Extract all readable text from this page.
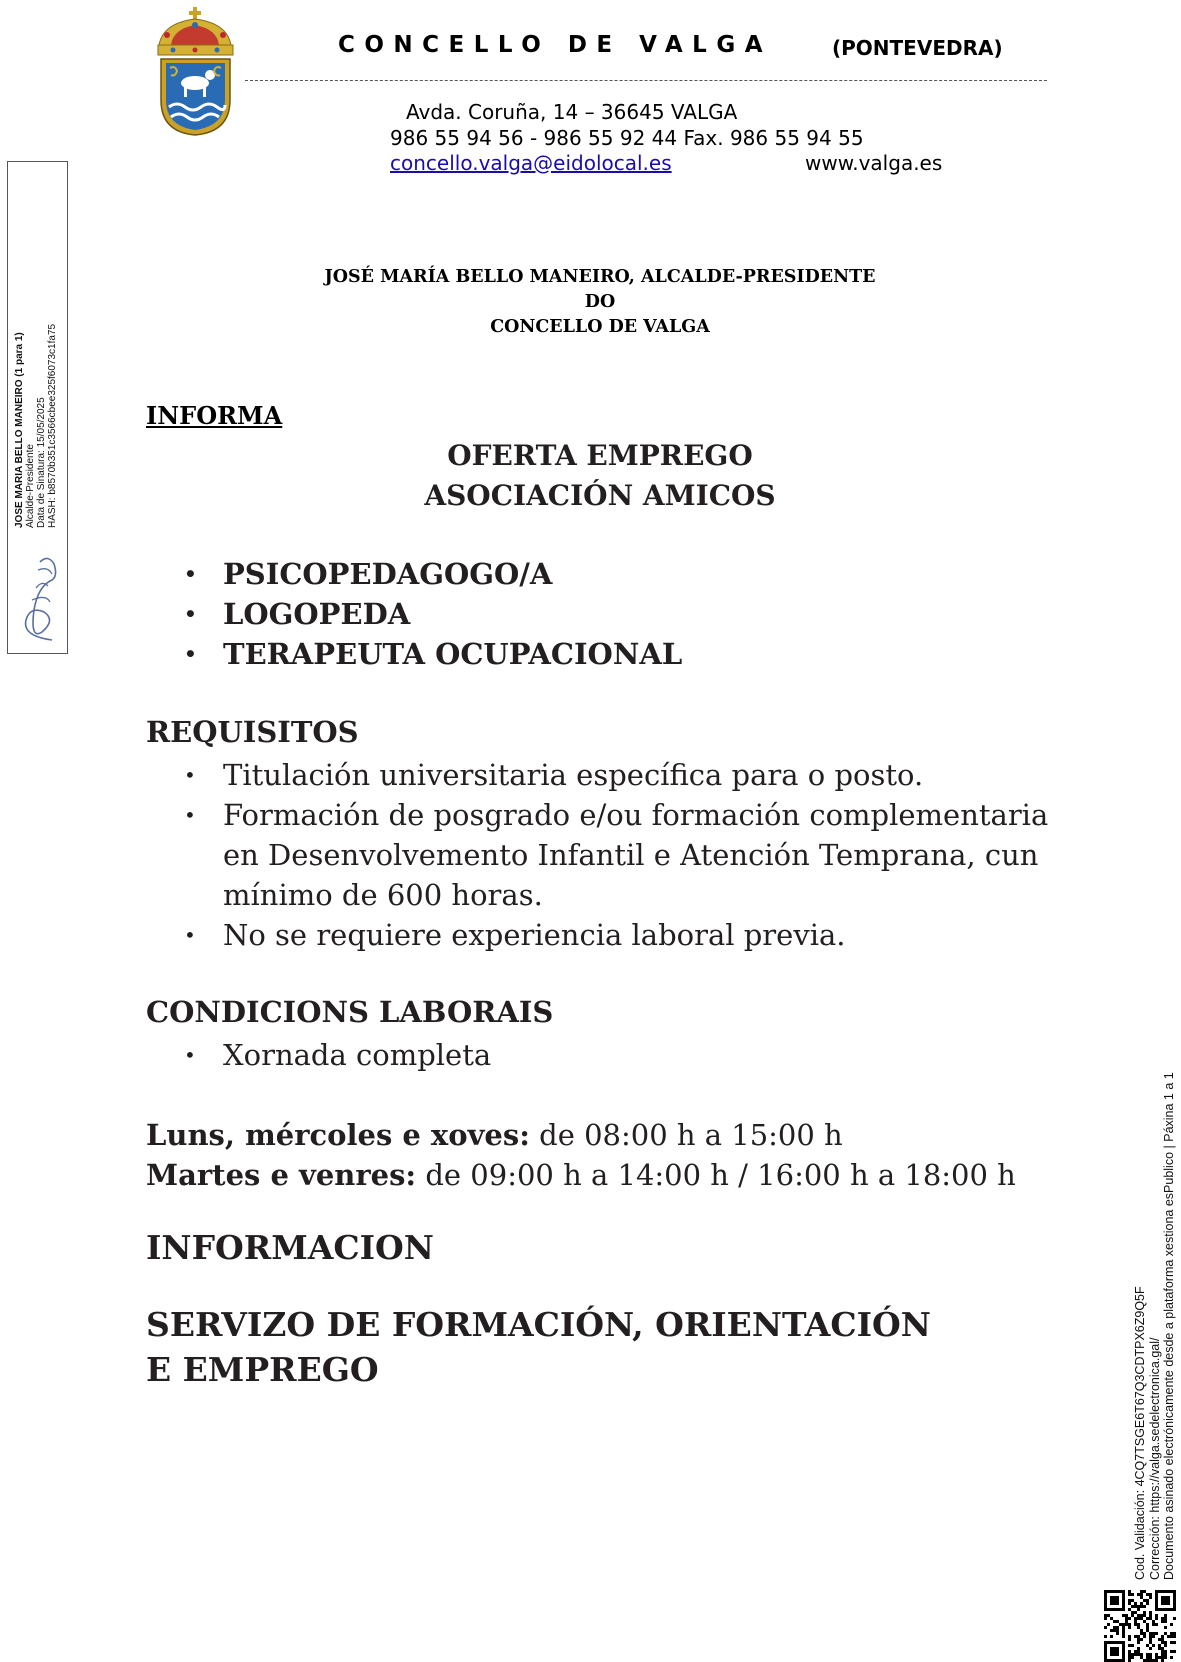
CONCELLO DE VALGA	(PONTEVEDRA)
Avda. Coruña, 14 – 36645 VALGA
986 55 94 56 - 986 55 92 44 Fax. 986 55 94 55
concello.valga@eidolocal.es	www.valga.es
JOSÉ MARÍA BELLO MANEIRO, ALCALDE-PRESIDENTE
DO
CONCELLO DE VALGA
INFORMA
OFERTA EMPREGO
ASOCIACIÓN AMICOS
• PSICOPEDAGOGO/A
• LOGOPEDA
• TERAPEUTA OCUPACIONAL
REQUISITOS
• Titulación universitaria específica para o posto.
• Formación de posgrado e/ou formación complementaria en Desenvolvemento Infantil e Atención Temprana, cun mínimo de 600 horas.
• No se requiere experiencia laboral previa.
CONDICIONS LABORAIS
• Xornada completa
Luns, mércoles e xoves: de 08:00 h a 15:00 h
Martes e venres: de 09:00 h a 14:00 h / 16:00 h a 18:00 h
INFORMACION
SERVIZO DE FORMACIÓN, ORIENTACIÓN E EMPREGO
JOSE MARIA BELLO MANEIRO (1 para 1) Alcalde-Presidente Data de Sinatura: 15/05/2025 HASH: b8570b351c3566cbee325f6073c1fa75
Cod. Validación: 4CQ7TSGE6T67Q3CDTPX6Z9Q5F Corrección: https://valga.sedelectronica.gal/ Documento asinado electrónicamente desde a plataforma xestiona esPublico | Páxina 1 a 1
